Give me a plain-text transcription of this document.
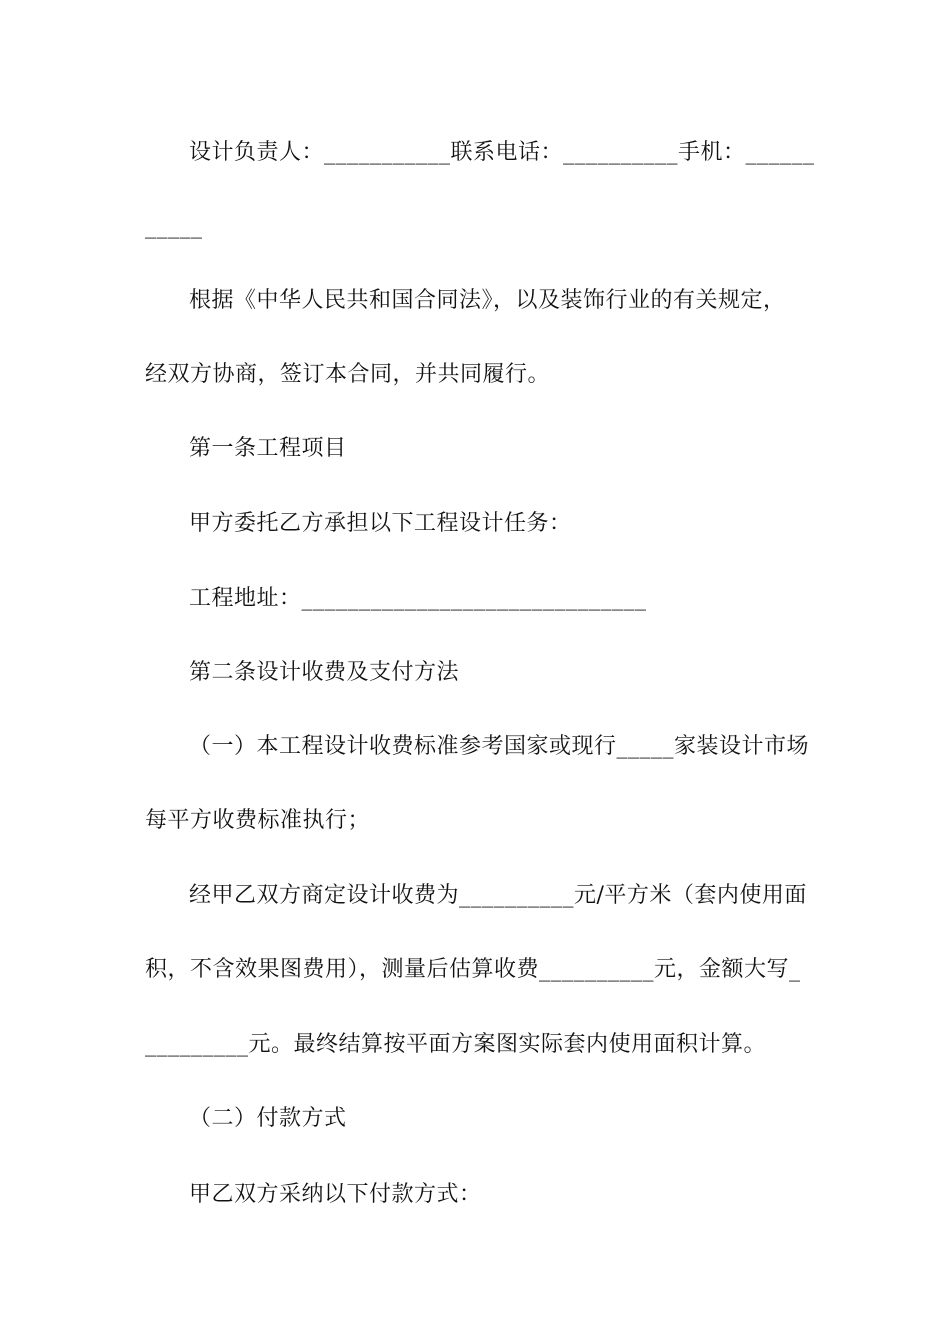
设计负责人：___________联系电话：__________手机：______
_____
根据《中华人民共和国合同法》，以及装饰行业的有关规定，
经双方协商，签订本合同，并共同履行。
第一条工程项目
甲方委托乙方承担以下工程设计任务：
工程地址：______________________________
第二条设计收费及支付方法
（一）本工程设计收费标准参考国家或现行_____家装设计市场
每平方收费标准执行；
经甲乙双方商定设计收费为__________元/平方米（套内使用面
积，不含效果图费用），测量后估算收费__________元，金额大写_
_________元。最终结算按平面方案图实际套内使用面积计算。
（二）付款方式
甲乙双方采纳以下付款方式：
